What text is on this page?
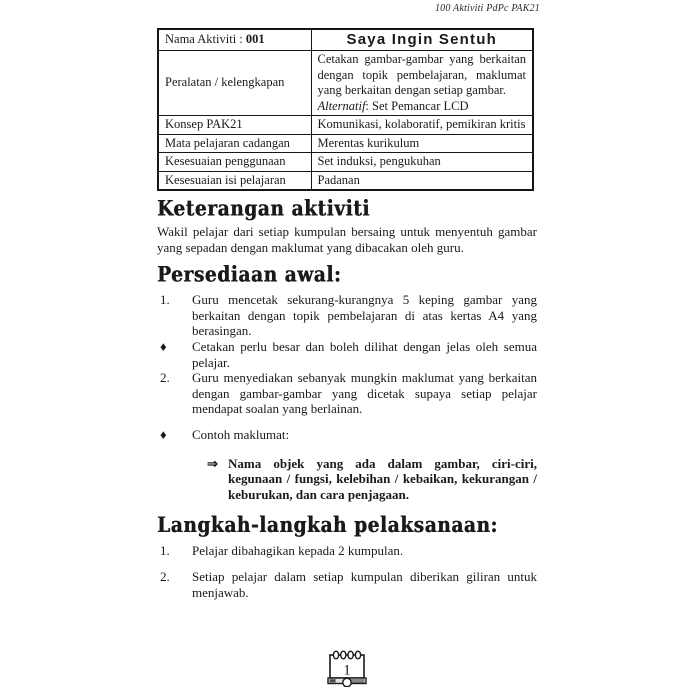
100 Aktiviti PdPc PAK21
Nama Aktiviti : 001	Saya Ingin Sentuh
Peralatan / kelengkapan	Cetakan gambar-gambar yang berkaitan dengan topik pembelajaran, maklumat yang berkaitan dengan setiap gambar.
Alternatif: Set Pemancar LCD

Konsep PAK21	Komunikasi, kolaboratif, pemikiran kritis
Mata pelajaran cadangan	Merentas kurikulum
Kesesuaian penggunaan	Set induksi, pengukuhan
Kesesuaian isi pelajaran	Padanan
Keterangan aktiviti

Wakil pelajar dari setiap kumpulan bersaing untuk menyentuh gambar yang sepadan dengan maklumat yang dibacakan oleh guru.

Persediaan awal:
1.	Guru mencetak sekurang-kurangnya 5 keping gambar yang berkaitan dengan topik pembelajaran di atas kertas A4 yang berasingan.
♦	Cetakan perlu besar dan boleh dilihat dengan jelas oleh semua pelajar.
2.	Guru menyediakan sebanyak mungkin maklumat yang berkaitan dengan gambar-gambar yang dicetak supaya setiap pelajar mendapat soalan yang berlainan.
♦	Contoh maklumat:
⇒ Nama objek yang ada dalam gambar, ciri-ciri, kegunaan / fungsi, kelebihan / kebaikan, kekurangan / keburukan, dan cara penjagaan.
Langkah-langkah pelaksanaan:
1.	Pelajar dibahagikan kepada 2 kumpulan.
2.	Setiap pelajar dalam setiap kumpulan diberikan giliran untuk menjawab.
1
